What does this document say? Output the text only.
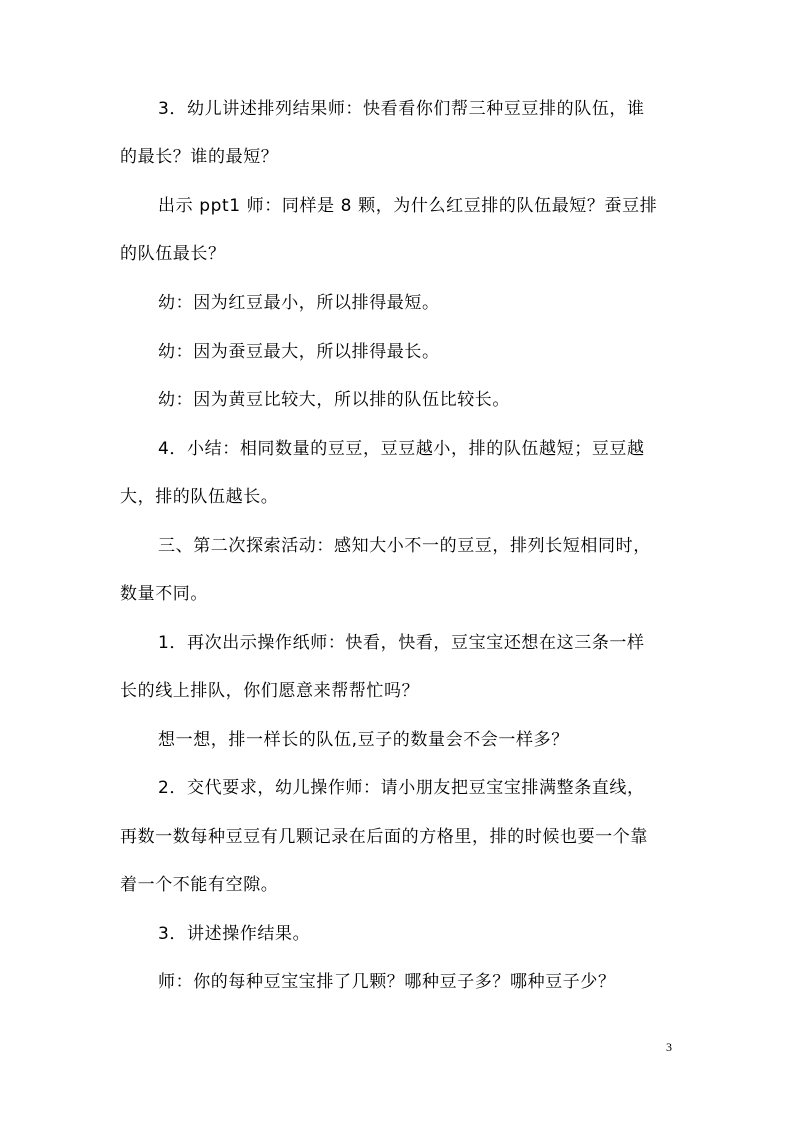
3．幼儿讲述排列结果师：快看看你们帮三种豆豆排的队伍，谁
的最长？谁的最短？
出示 ppt1 师：同样是 8 颗，为什么红豆排的队伍最短？蚕豆排
的队伍最长？
幼：因为红豆最小，所以排得最短。
幼：因为蚕豆最大，所以排得最长。
幼：因为黄豆比较大，所以排的队伍比较长。
4．小结：相同数量的豆豆，豆豆越小，排的队伍越短；豆豆越
大，排的队伍越长。
三、第二次探索活动：感知大小不一的豆豆，排列长短相同时，
数量不同。
1．再次出示操作纸师：快看，快看，豆宝宝还想在这三条一样
长的线上排队，你们愿意来帮帮忙吗？
想一想，排一样长的队伍,豆子的数量会不会一样多？
2．交代要求，幼儿操作师：请小朋友把豆宝宝排满整条直线，
再数一数每种豆豆有几颗记录在后面的方格里，排的时候也要一个靠
着一个不能有空隙。
3．讲述操作结果。
师：你的每种豆宝宝排了几颗？哪种豆子多？哪种豆子少？
3
